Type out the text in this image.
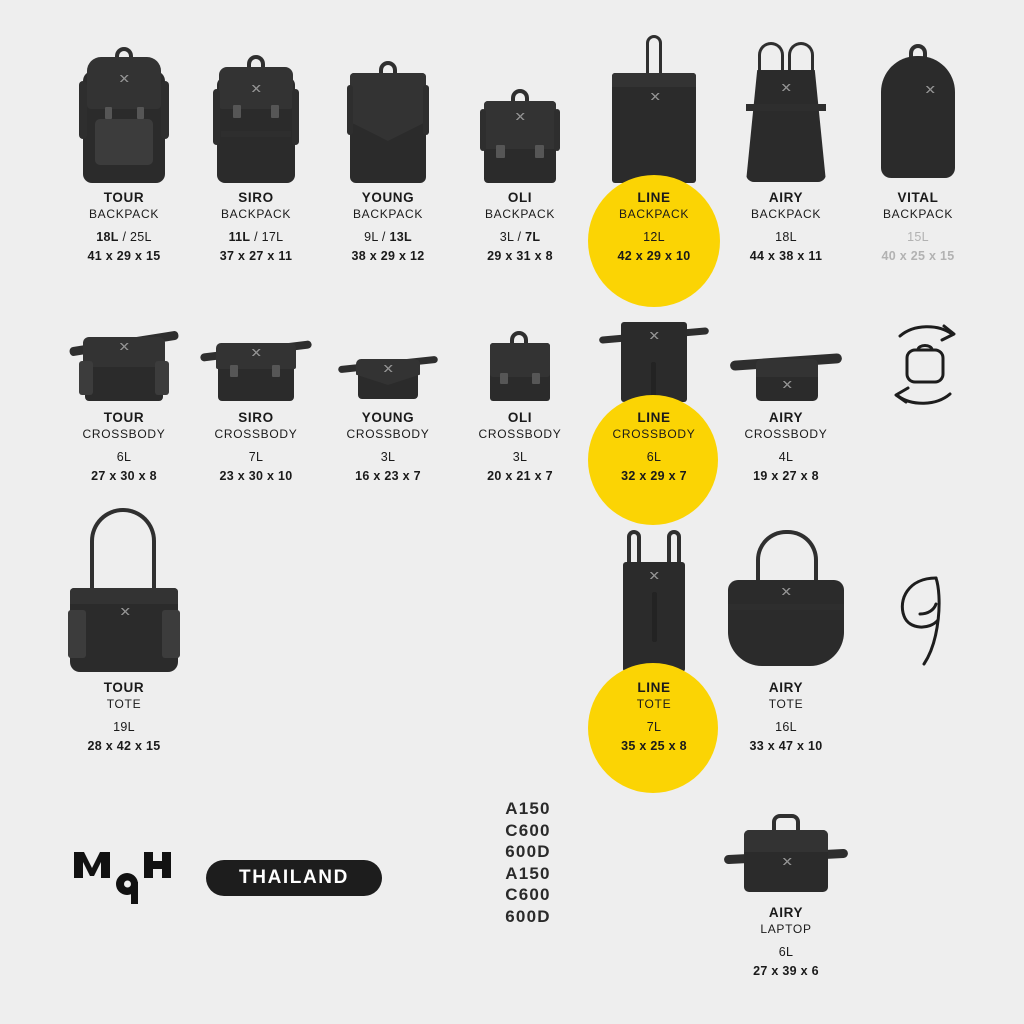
TOUR
BACKPACK
18L / 25L
41 x 29 x 15
SIRO
BACKPACK
11L / 17L
37 x 27 x 11
YOUNG
BACKPACK
9L / 13L
38 x 29 x 12
OLI
BACKPACK
3L / 7L
29 x 31 x 8
LINE
BACKPACK
12L
42 x 29 x 10
AIRY
BACKPACK
18L
44 x 38 x 11
VITAL
BACKPACK
15L
40 x 25 x 15
TOUR
CROSSBODY
6L
27 x 30 x 8
SIRO
CROSSBODY
7L
23 x 30 x 10
YOUNG
CROSSBODY
3L
16 x 23 x 7
OLI
CROSSBODY
3L
20 x 21 x 7
LINE
CROSSBODY
6L
32 x 29 x 7
AIRY
CROSSBODY
4L
19 x 27 x 8
TOUR
TOTE
19L
28 x 42 x 15
LINE
TOTE
7L
35 x 25 x 8
AIRY
TOTE
16L
33 x 47 x 10
THAILAND
A150
C600
600D
A150
C600
600D	AIRY
LAPTOP
6L
27 x 39 x 6
